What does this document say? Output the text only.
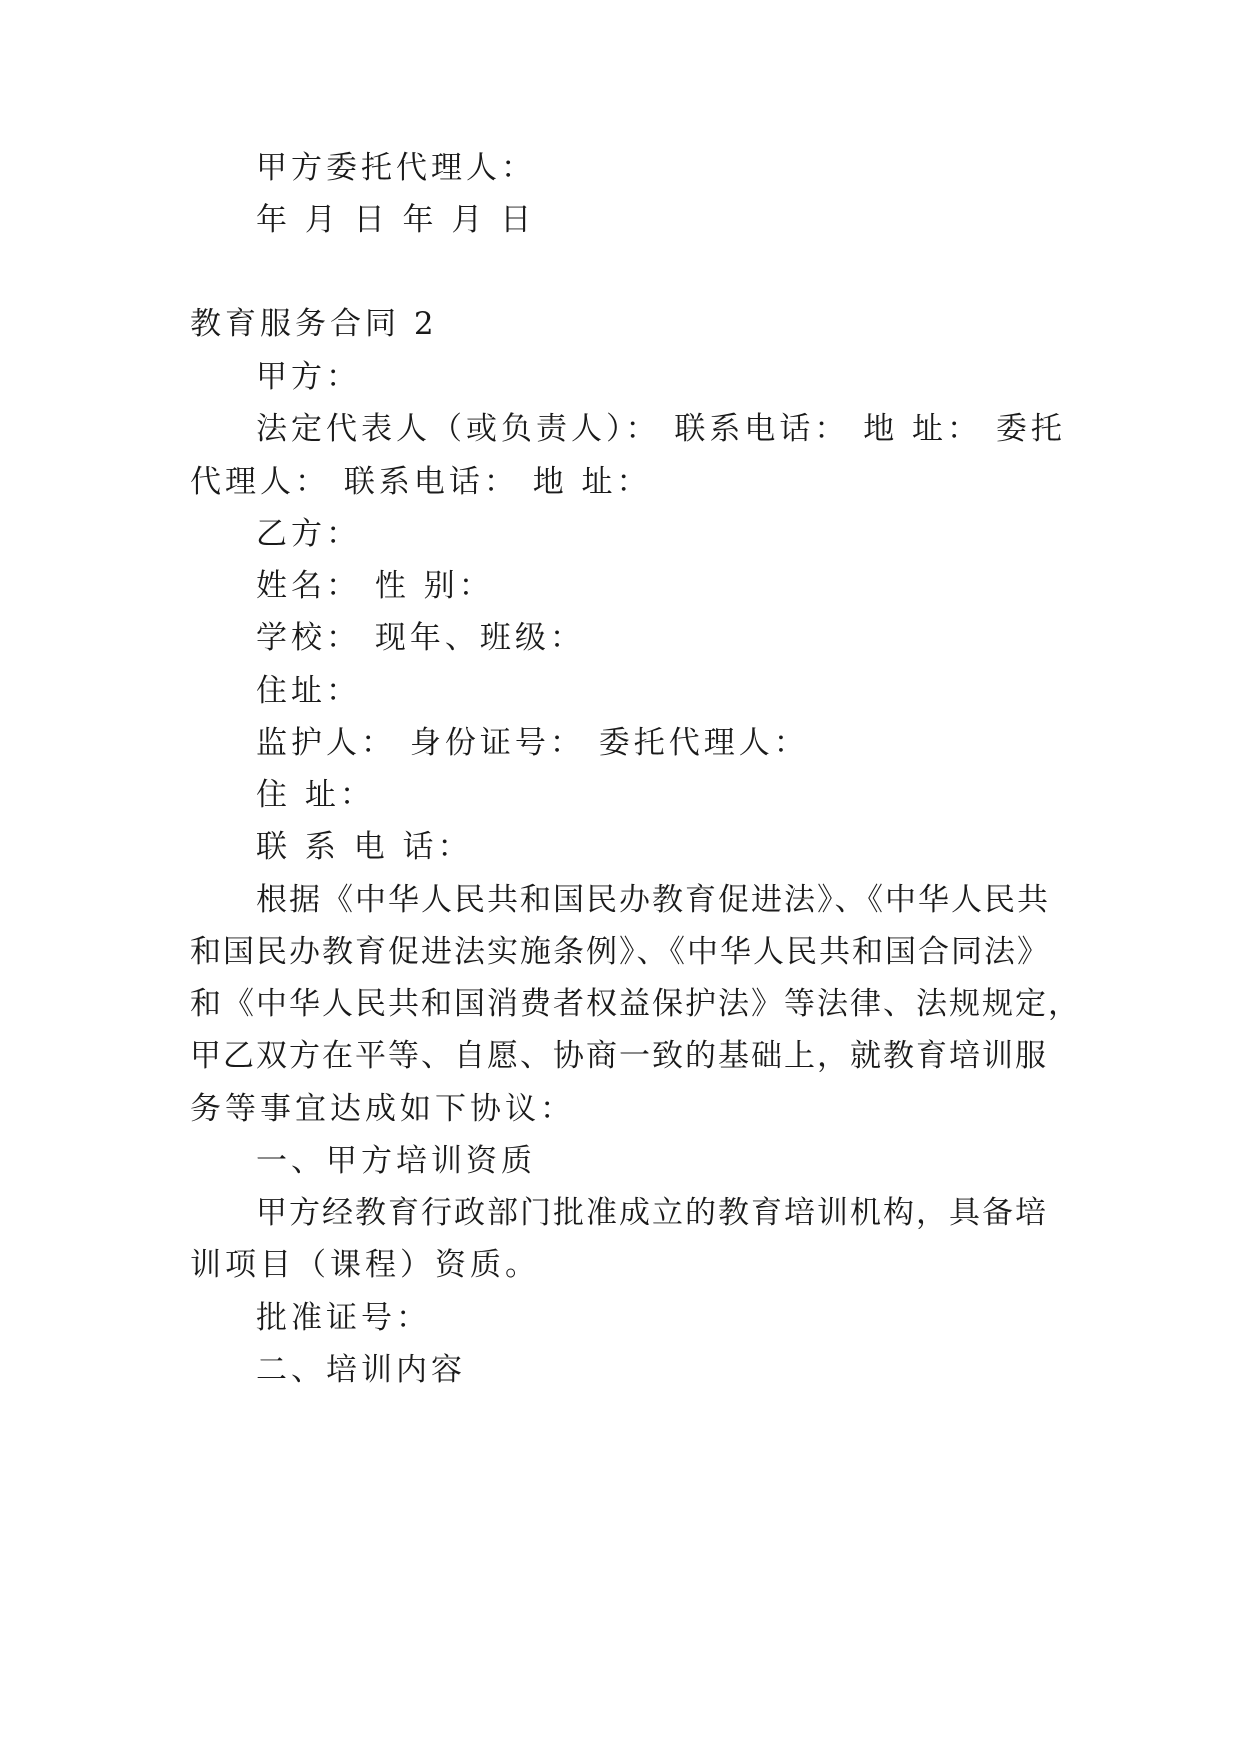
甲方委托代理人：
年 月 日 年 月 日
教育服务合同 2
甲方：
法定代表人（或负责人）： 联系电话： 地 址： 委托
代理人： 联系电话： 地 址：
乙方：
姓名： 性 别：
学校： 现年、班级：
住址：
监护人： 身份证号： 委托代理人：
住 址：
联 系 电 话：
根据《中华人民共和国民办教育促进法》、《中华人民共
和国民办教育促进法实施条例》、《中华人民共和国合同法》
和《中华人民共和国消费者权益保护法》等法律、法规规定，
甲乙双方在平等、自愿、协商一致的基础上，就教育培训服
务等事宜达成如下协议：
一、甲方培训资质
甲方经教育行政部门批准成立的教育培训机构，具备培
训项目（课程）资质。
批准证号：
二、培训内容
